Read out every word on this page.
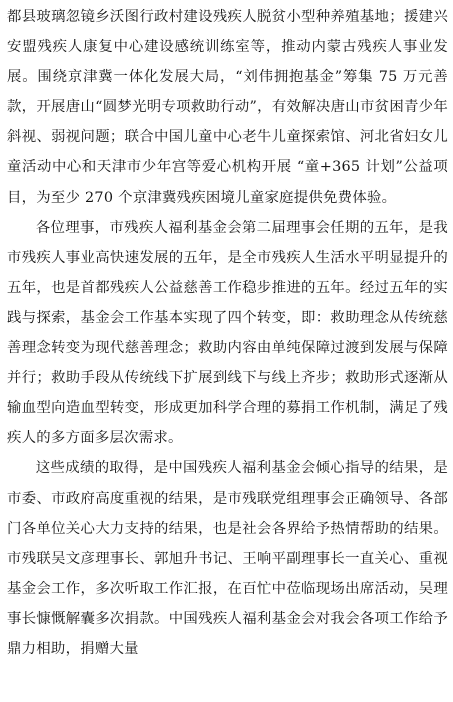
都县玻璃忽镜乡沃图行政村建设残疾人脱贫小型种养殖基地；援建兴安盟残疾人康复中心建设感统训练室等，推动内蒙古残疾人事业发展。围绕京津冀一体化发展大局，“刘伟拥抱基金”筹集 75 万元善款，开展唐山“圆梦光明专项救助行动”，有效解决唐山市贫困青少年斜视、弱视问题；联合中国儿童中心老牛儿童探索馆、河北省妇女儿童活动中心和天津市少年宫等爱心机构开展 “童+365 计划”公益项目，为至少 270 个京津冀残疾困境儿童家庭提供免费体验。

各位理事，市残疾人福利基金会第二届理事会任期的五年，是我市残疾人事业高快速发展的五年，是全市残疾人生活水平明显提升的五年，也是首都残疾人公益慈善工作稳步推进的五年。经过五年的实践与探索，基金会工作基本实现了四个转变，即：救助理念从传统慈善理念转变为现代慈善理念；救助内容由单纯保障过渡到发展与保障并行；救助手段从传统线下扩展到线下与线上齐步；救助形式逐渐从输血型向造血型转变，形成更加科学合理的募捐工作机制，满足了残疾人的多方面多层次需求。

这些成绩的取得，是中国残疾人福利基金会倾心指导的结果，是市委、市政府高度重视的结果，是市残联党组理事会正确领导、各部门各单位关心大力支持的结果，也是社会各界给予热情帮助的结果。市残联吴文彦理事长、郭旭升书记、王响平副理事长一直关心、重视基金会工作，多次听取工作汇报，在百忙中莅临现场出席活动，吴理事长慷慨解囊多次捐款。中国残疾人福利基金会对我会各项工作给予鼎力相助，捐赠大量
